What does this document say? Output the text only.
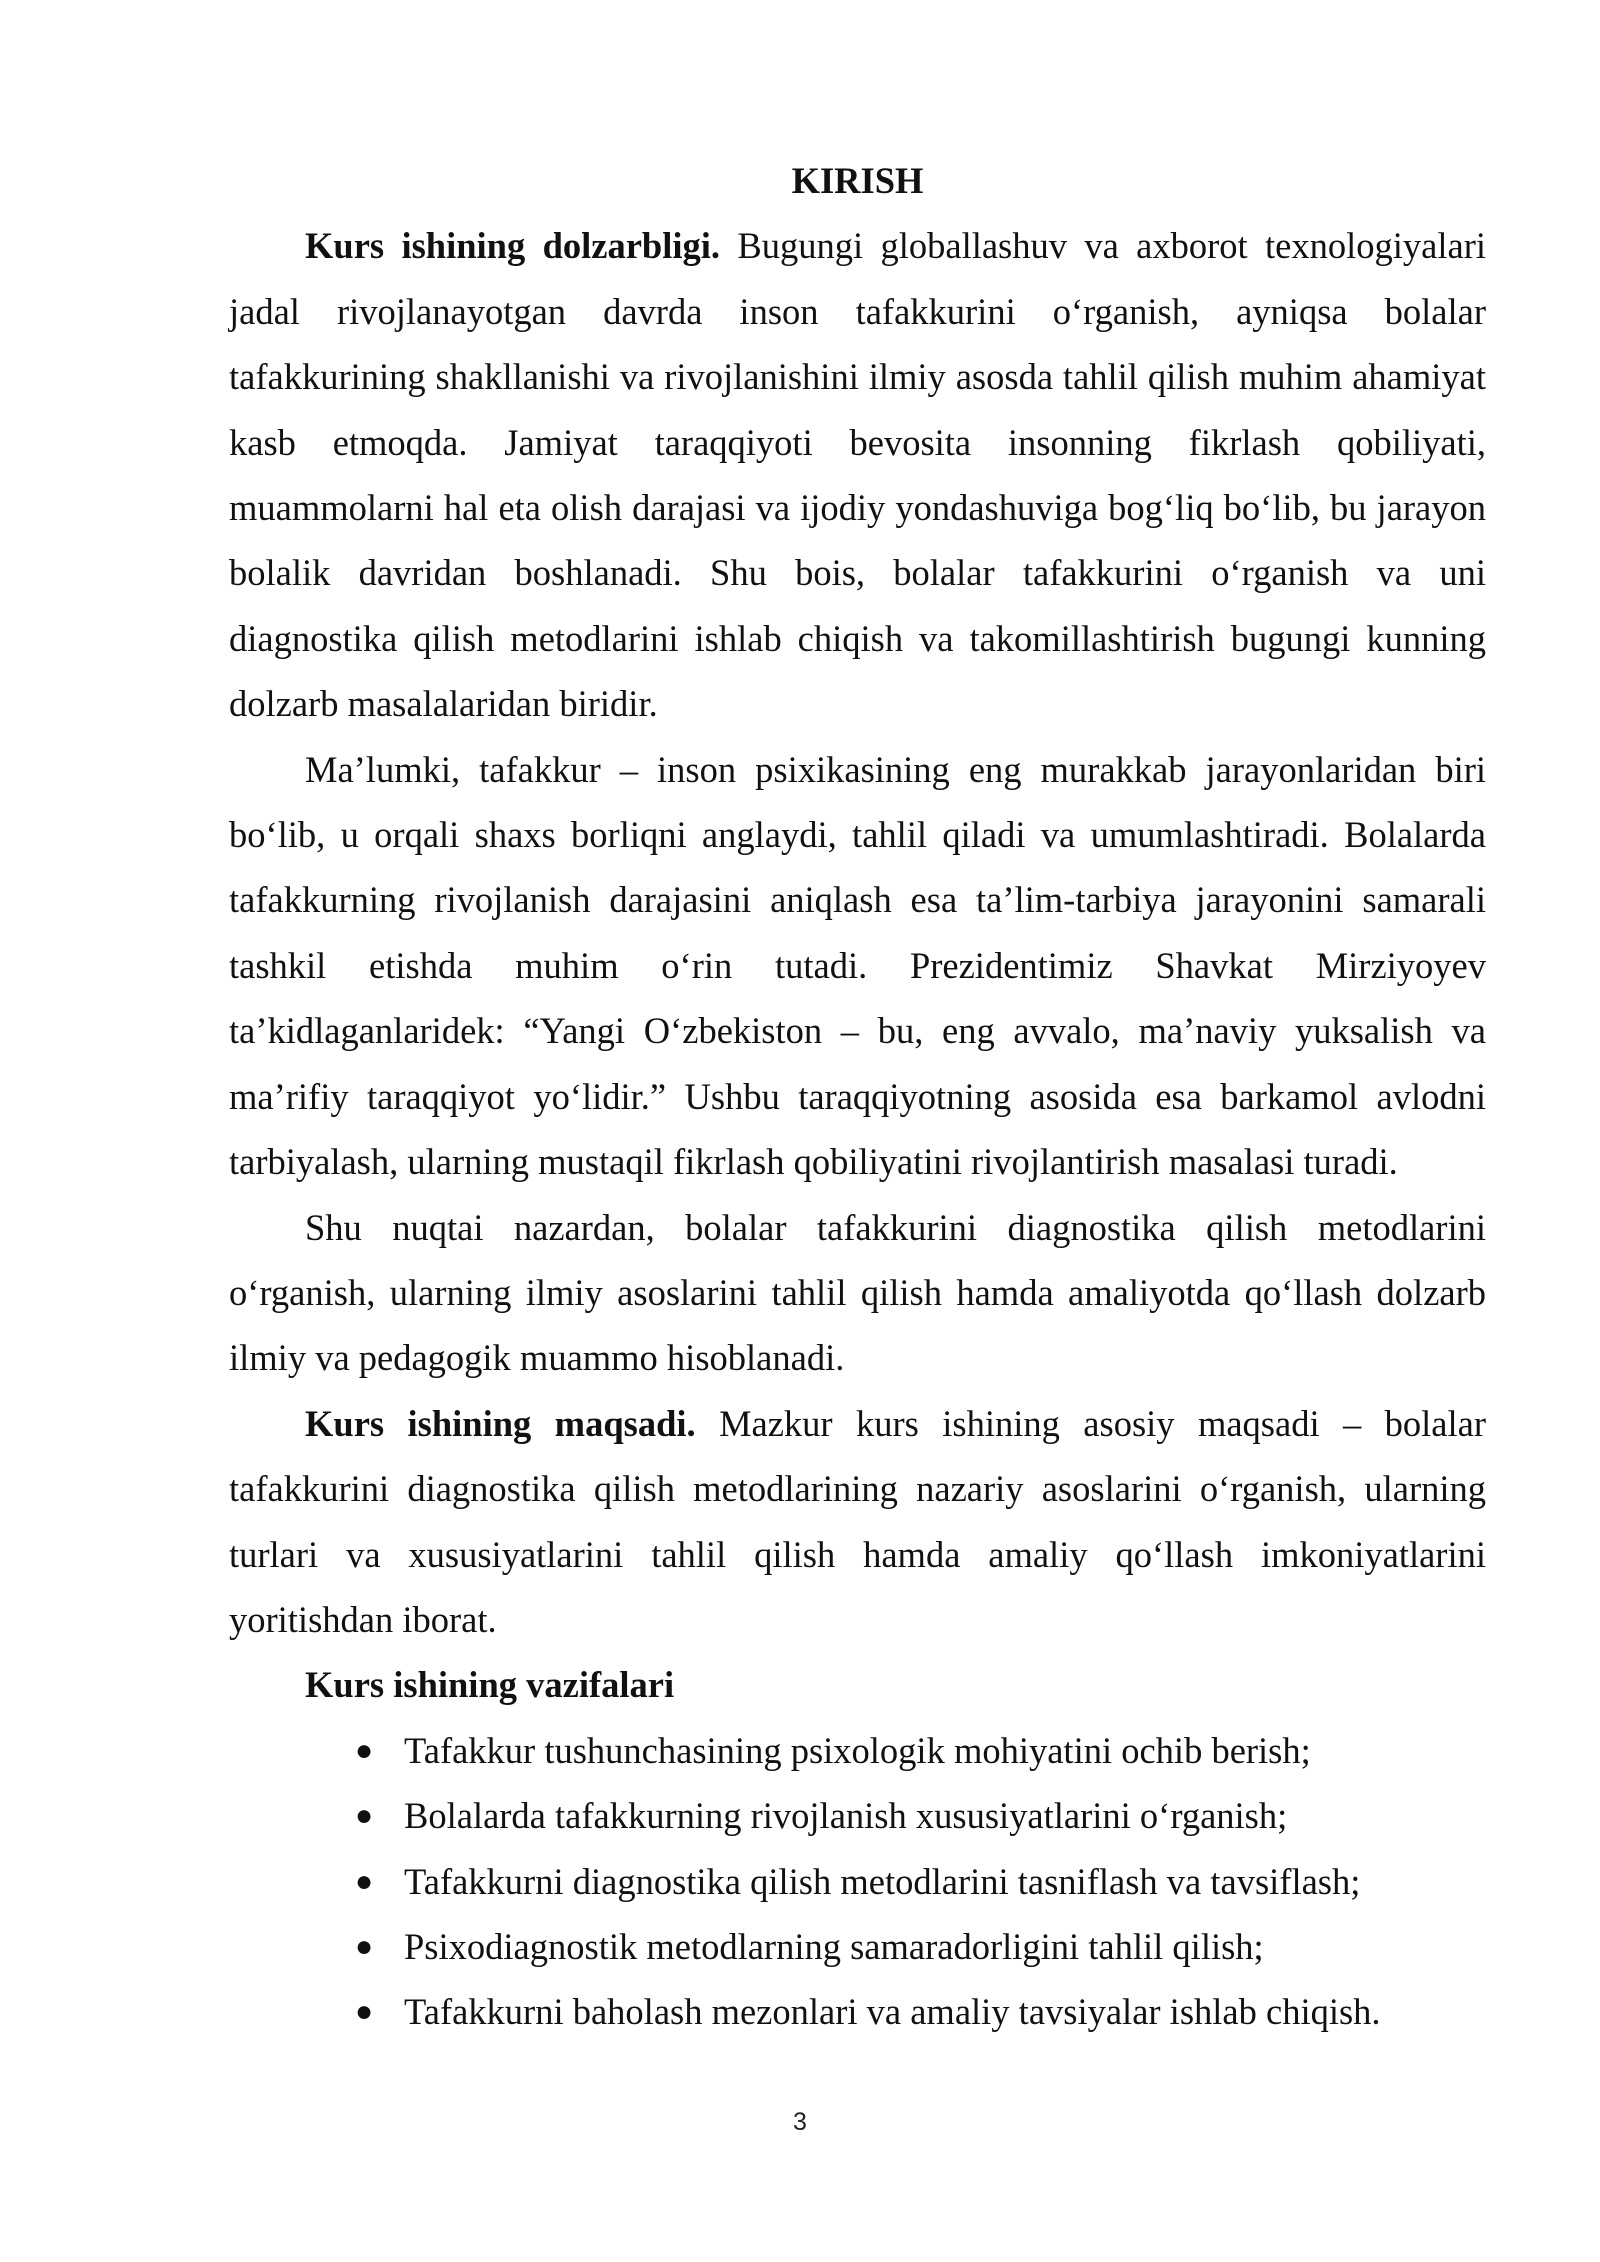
KIRISH

Kurs ishining dolzarbligi. Bugungi globallashuv va axborot texnologiyalari jadal rivojlanayotgan davrda inson tafakkurini o‘rganish, ayniqsa bolalar tafakkurining shakllanishi va rivojlanishini ilmiy asosda tahlil qilish muhim ahamiyat kasb etmoqda. Jamiyat taraqqiyoti bevosita insonning fikrlash qobiliyati, muammolarni hal eta olish darajasi va ijodiy yondashuviga bog‘liq bo‘lib, bu jarayon bolalik davridan boshlanadi. Shu bois, bolalar tafakkurini o‘rganish va uni diagnostika qilish metodlarini ishlab chiqish va takomillashtirish bugungi kunning dolzarb masalalaridan biridir.

Ma’lumki, tafakkur – inson psixikasining eng murakkab jarayonlaridan biri bo‘lib, u orqali shaxs borliqni anglaydi, tahlil qiladi va umumlashtiradi. Bolalarda tafakkurning rivojlanish darajasini aniqlash esa ta’lim-tarbiya jarayonini samarali tashkil etishda muhim o‘rin tutadi. Prezidentimiz Shavkat Mirziyoyev ta’kidlaganlaridek: “Yangi O‘zbekiston – bu, eng avvalo, ma’naviy yuksalish va ma’rifiy taraqqiyot yo‘lidir.” Ushbu taraqqiyotning asosida esa barkamol avlodni tarbiyalash, ularning mustaqil fikrlash qobiliyatini rivojlantirish masalasi turadi.

Shu nuqtai nazardan, bolalar tafakkurini diagnostika qilish metodlarini o‘rganish, ularning ilmiy asoslarini tahlil qilish hamda amaliyotda qo‘llash dolzarb ilmiy va pedagogik muammo hisoblanadi.

Kurs ishining maqsadi. Mazkur kurs ishining asosiy maqsadi – bolalar tafakkurini diagnostika qilish metodlarining nazariy asoslarini o‘rganish, ularning turlari va xususiyatlarini tahlil qilish hamda amaliy qo‘llash imkoniyatlarini yoritishdan iborat.

Kurs ishining vazifalari

● Tafakkur tushunchasining psixologik mohiyatini ochib berish;
● Bolalarda tafakkurning rivojlanish xususiyatlarini o‘rganish;
● Tafakkurni diagnostika qilish metodlarini tasniflash va tavsiflash;
● Psixodiagnostik metodlarning samaradorligini tahlil qilish;
● Tafakkurni baholash mezonlari va amaliy tavsiyalar ishlab chiqish.
3
